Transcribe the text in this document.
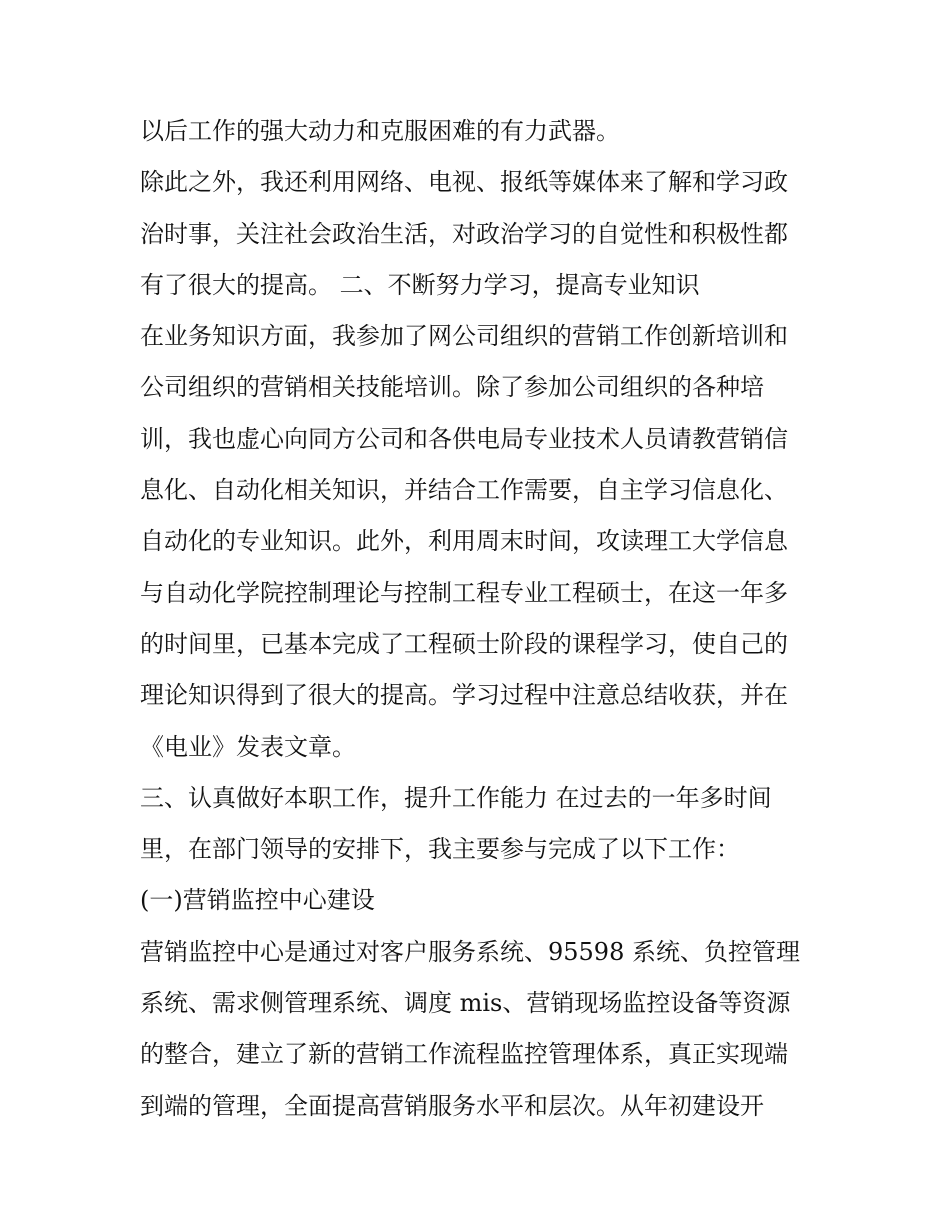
以后工作的强大动力和克服困难的有力武器。
除此之外，我还利用网络、电视、报纸等媒体来了解和学习政
治时事，关注社会政治生活，对政治学习的自觉性和积极性都
有了很大的提高。 二、不断努力学习，提高专业知识
在业务知识方面，我参加了网公司组织的营销工作创新培训和
公司组织的营销相关技能培训。除了参加公司组织的各种培
训，我也虚心向同方公司和各供电局专业技术人员请教营销信
息化、自动化相关知识，并结合工作需要，自主学习信息化、
自动化的专业知识。此外，利用周末时间，攻读理工大学信息
与自动化学院控制理论与控制工程专业工程硕士，在这一年多
的时间里，已基本完成了工程硕士阶段的课程学习，使自己的
理论知识得到了很大的提高。学习过程中注意总结收获，并在
《电业》发表文章。
三、认真做好本职工作，提升工作能力 在过去的一年多时间
里，在部门领导的安排下，我主要参与完成了以下工作：
(一)营销监控中心建设
营销监控中心是通过对客户服务系统、95598 系统、负控管理
系统、需求侧管理系统、调度 mis、营销现场监控设备等资源
的整合，建立了新的营销工作流程监控管理体系，真正实现端
到端的管理，全面提高营销服务水平和层次。从年初建设开
